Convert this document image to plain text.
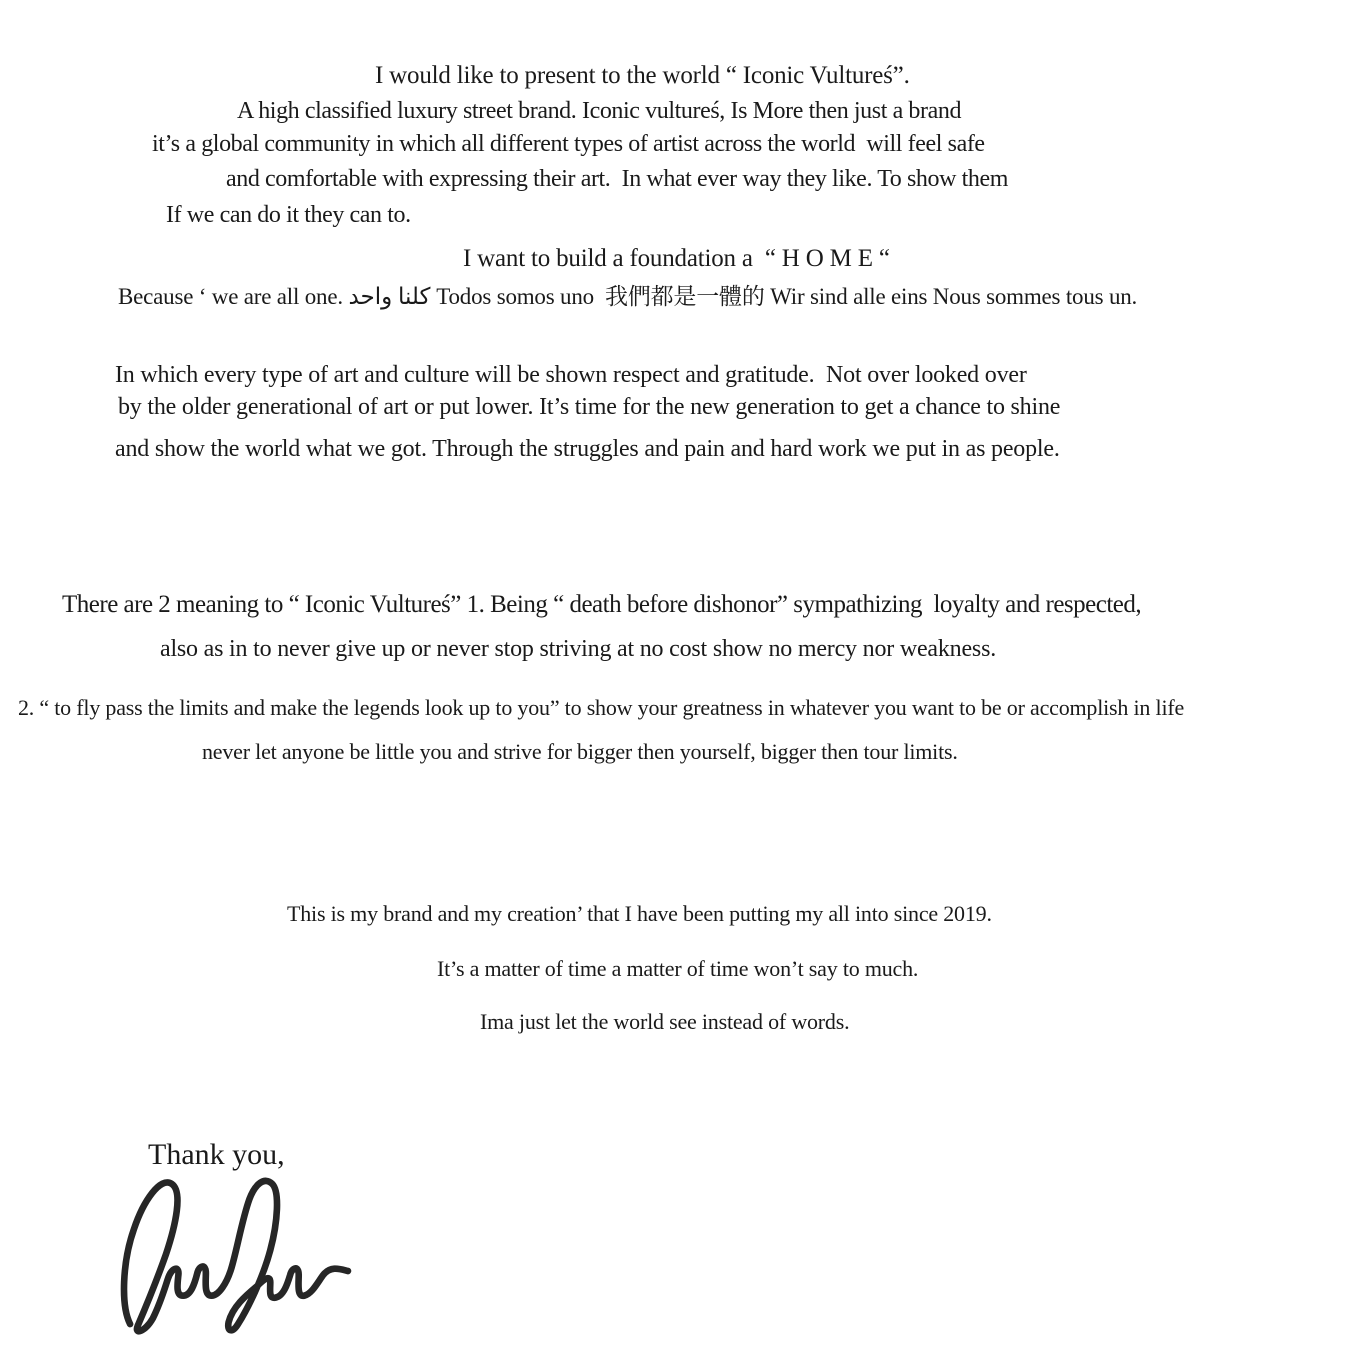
I would like to present to the world “ Iconic Vultureś”.
A high classified luxury street brand. Iconic vultureś, Is More then just a brand
it’s a global community in which all different types of artist across the world  will feel safe
and comfortable with expressing their art.  In what ever way they like. To show them
If we can do it they can to.
I want to build a foundation a  “ H O M E “
Because ‘ we are all one. كلنا واحد Todos somos uno  我們都是一體的 Wir sind alle eins Nous sommes tous un.
In which every type of art and culture will be shown respect and gratitude.  Not over looked over
by the older generational of art or put lower. It’s time for the new generation to get a chance to shine
and show the world what we got. Through the struggles and pain and hard work we put in as people.
There are 2 meaning to “ Iconic Vultureś” 1. Being “ death before dishonor” sympathizing  loyalty and respected,
also as in to never give up or never stop striving at no cost show no mercy nor weakness.
2. “ to fly pass the limits and make the legends look up to you” to show your greatness in whatever you want to be or accomplish in life
never let anyone be little you and strive for bigger then yourself, bigger then tour limits.
This is my brand and my creation’ that I have been putting my all into since 2019.
It’s a matter of time a matter of time won’t say to much.
Ima just let the world see instead of words.
Thank you,
